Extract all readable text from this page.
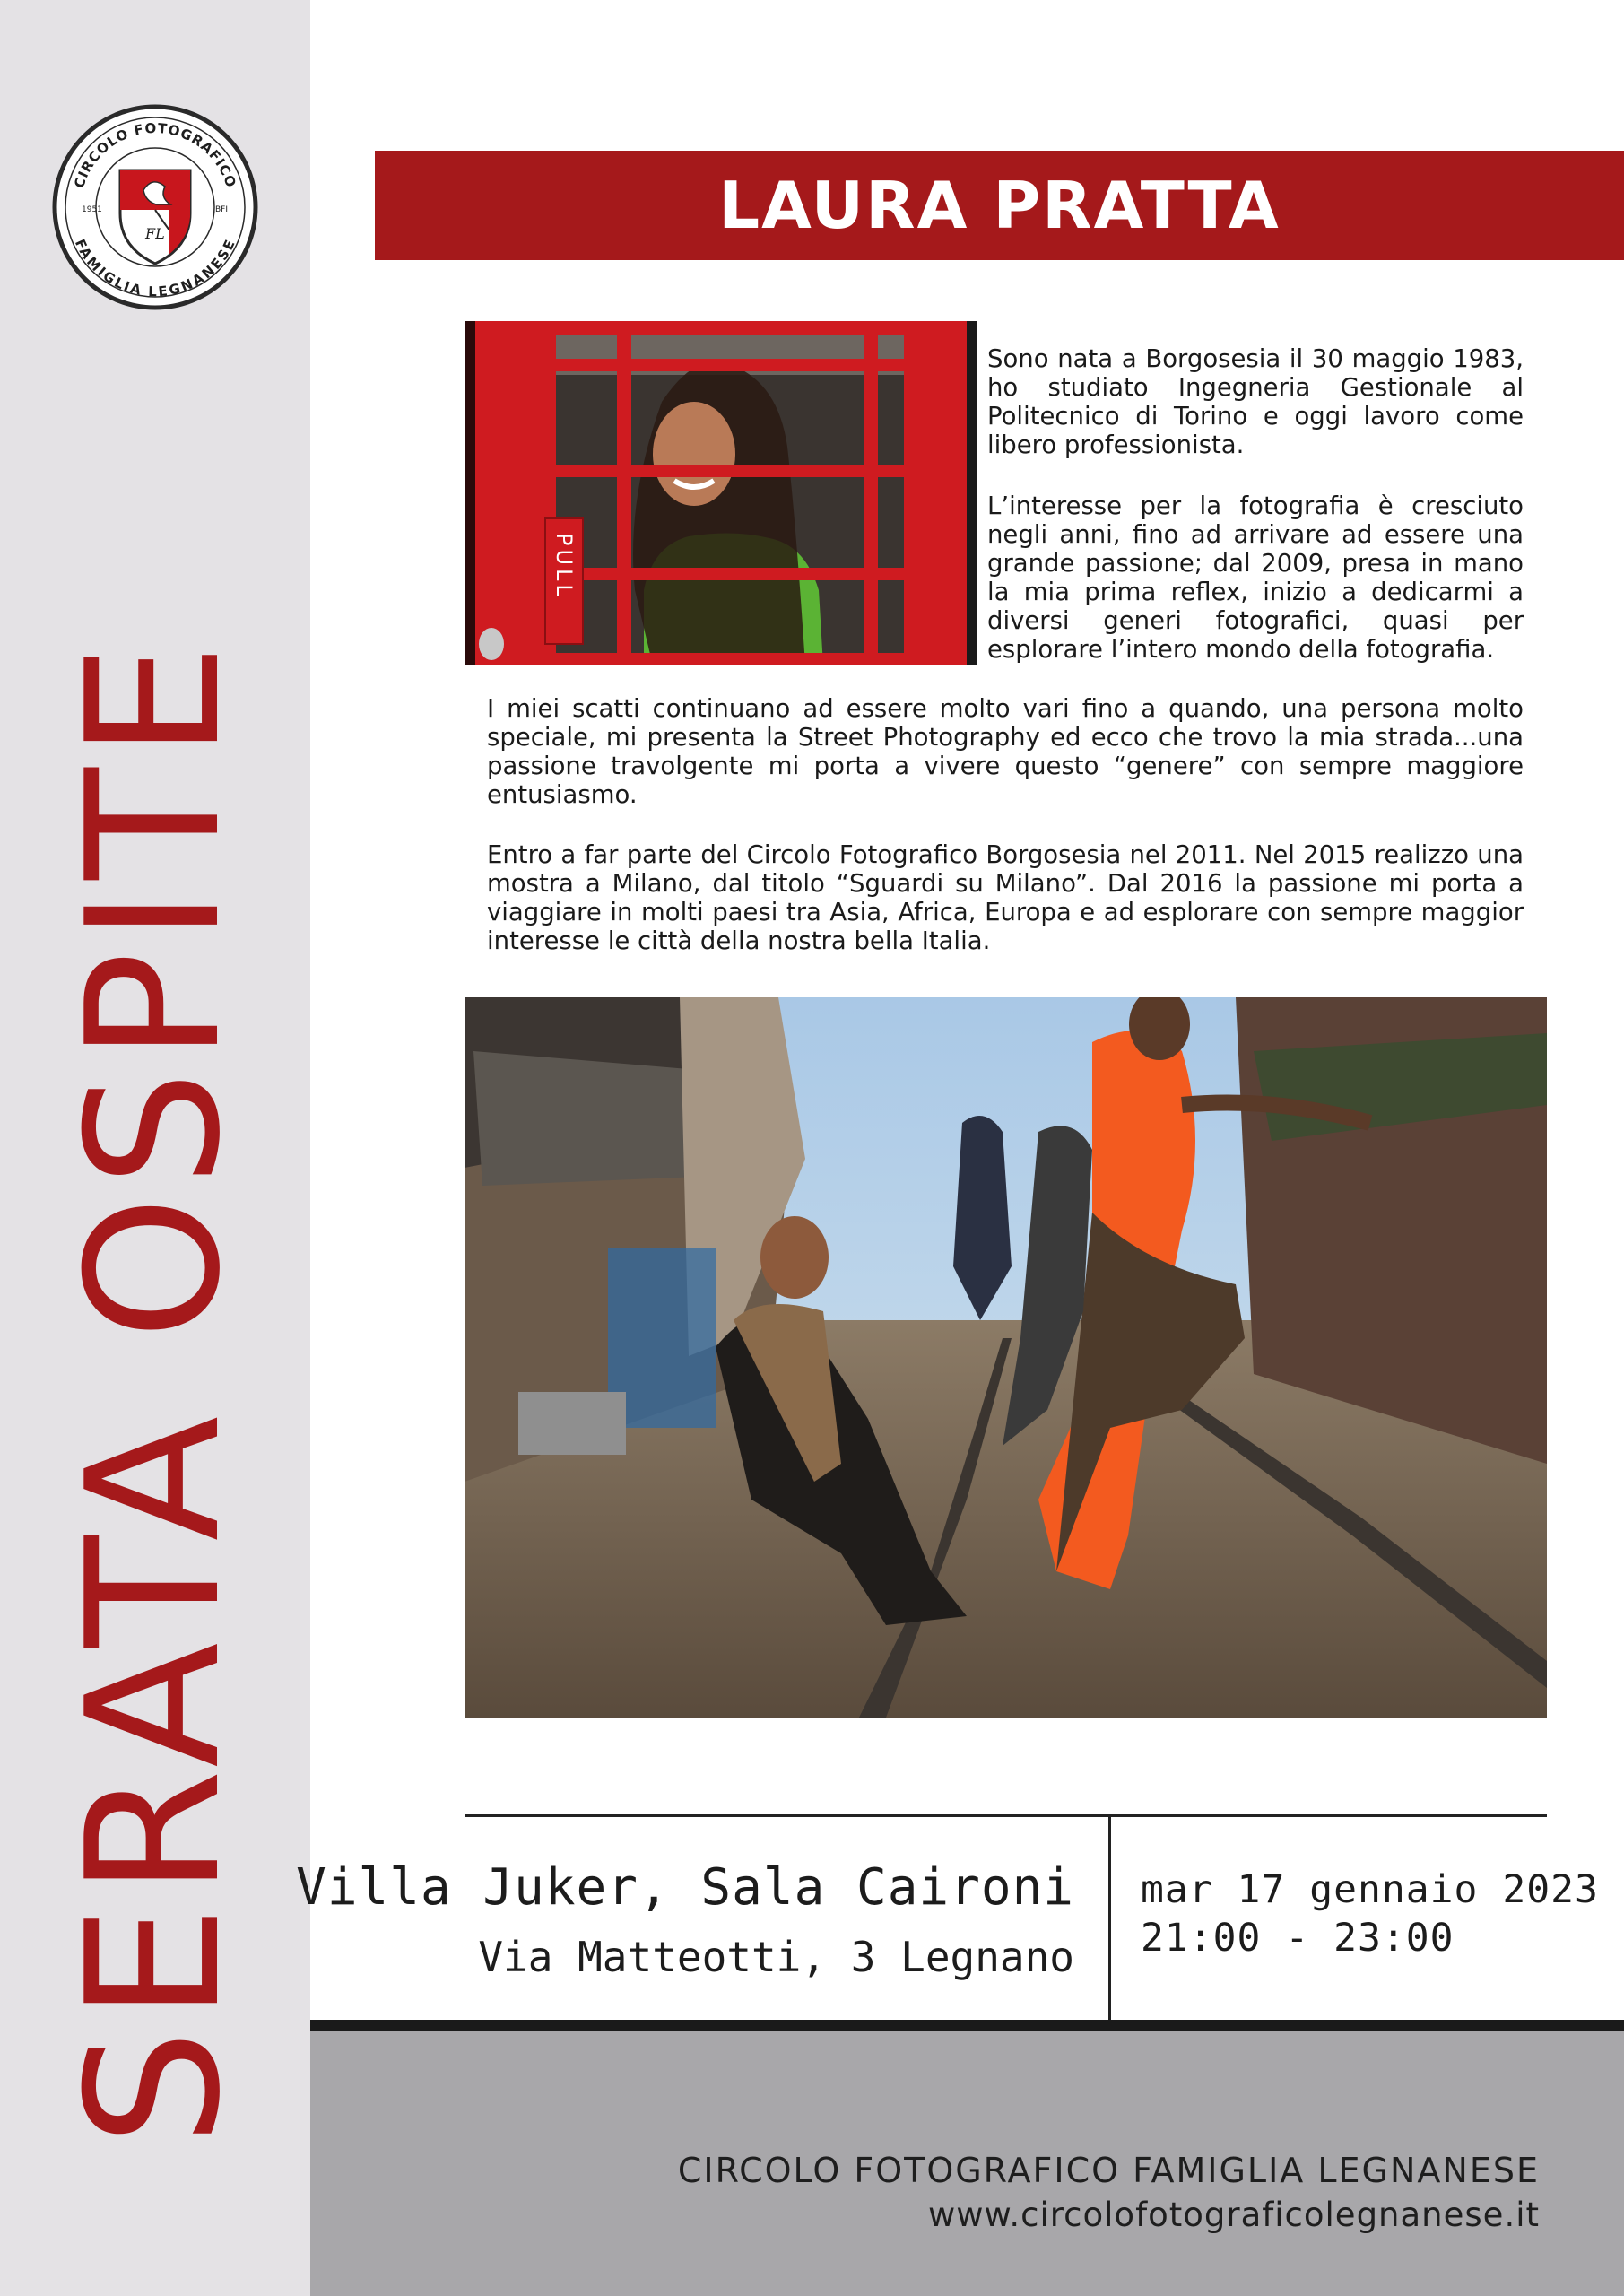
CIRCOLO FOTOGRAFICO
FAMIGLIA LEGNANESE
1951	BFI
FL
SERATA OSPITE
LAURA PRATTA
PULL

Sono nata a Borgosesia il 30 maggio 1983, ho studiato Ingegneria Gestionale al Politecnico di Torino e oggi lavoro come libero professionista.

L’interesse per la fotografia è cresciuto negli anni, fino ad arrivare ad essere una grande passione; dal 2009, presa in mano la mia prima reflex, inizio a dedicarmi a diversi generi fotografici, quasi per esplorare l’intero mondo della fotografia.

I miei scatti continuano ad essere molto vari fino a quando, una persona molto speciale, mi presenta la Street Photography ed ecco che trovo la mia strada...una passione travolgente mi porta a vivere questo “genere” con sempre maggiore entusiasmo.

Entro a far parte del Circolo Fotografico Borgosesia nel 2011. Nel 2015 realizzo una mostra a Milano, dal titolo “Sguardi su Milano”. Dal 2016 la passione mi porta a viaggiare in molti paesi tra Asia, Africa, Europa e ad esplorare con sempre maggior interesse le città della nostra bella Italia.

Villa Juker, Sala Caironi
Via Matteotti, 3 Legnano
mar 17 gennaio 2023
21:00 - 23:00
CIRCOLO FOTOGRAFICO FAMIGLIA LEGNANESE
www.circolofotograficolegnanese.it
